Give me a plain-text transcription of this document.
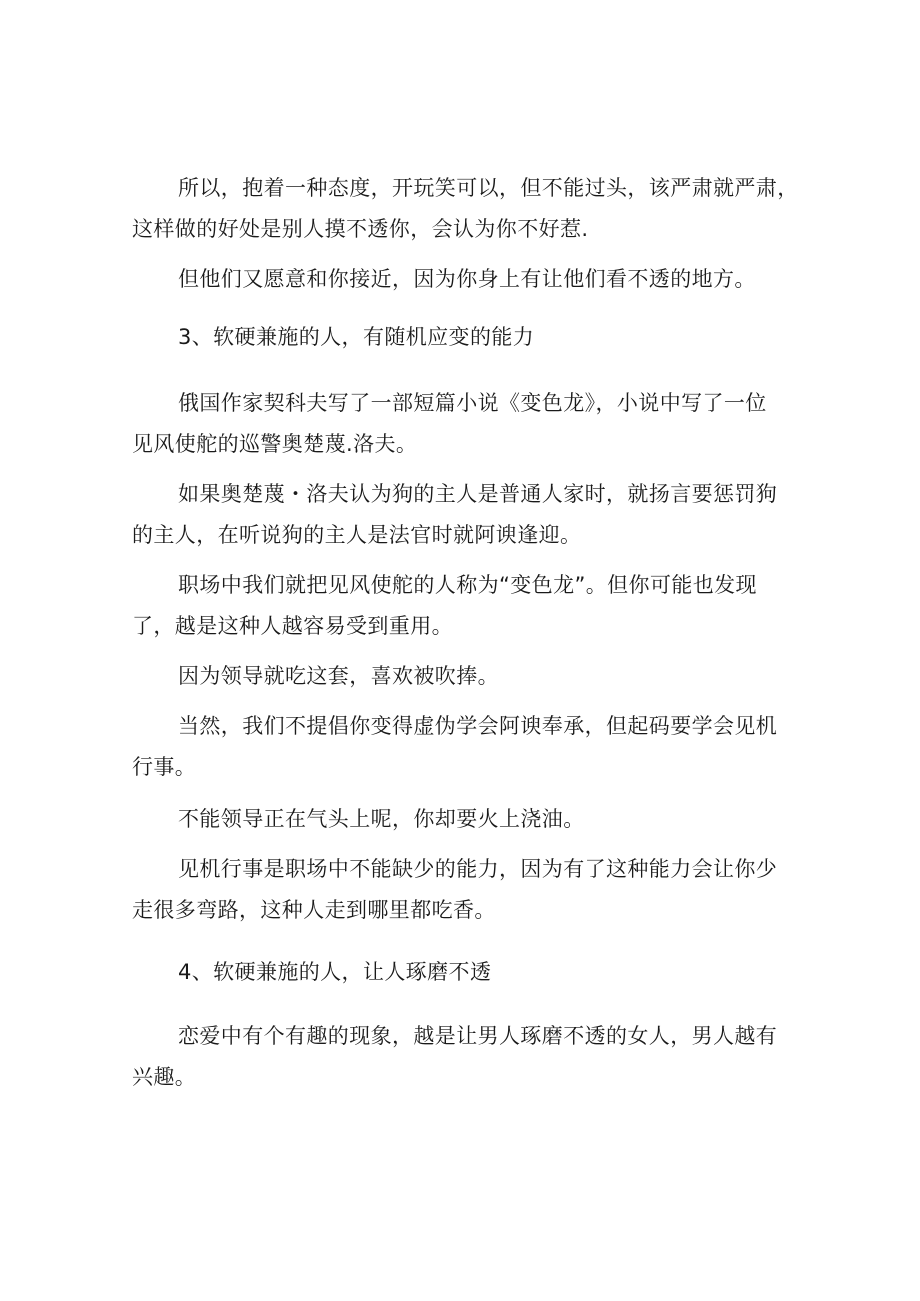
所以，抱着一种态度，开玩笑可以，但不能过头，该严肃就严肃，
这样做的好处是别人摸不透你，会认为你不好惹.

但他们又愿意和你接近，因为你身上有让他们看不透的地方。

3、软硬兼施的人，有随机应变的能力

俄国作家契科夫写了一部短篇小说《变色龙》，小说中写了一位
见风使舵的巡警奥楚蔑.洛夫。

如果奥楚蔑・洛夫认为狗的主人是普通人家时，就扬言要惩罚狗
的主人，在听说狗的主人是法官时就阿谀逢迎。

职场中我们就把见风使舵的人称为“变色龙”。但你可能也发现
了，越是这种人越容易受到重用。

因为领导就吃这套，喜欢被吹捧。

当然，我们不提倡你变得虚伪学会阿谀奉承，但起码要学会见机
行事。

不能领导正在气头上呢，你却要火上浇油。

见机行事是职场中不能缺少的能力，因为有了这种能力会让你少
走很多弯路，这种人走到哪里都吃香。

4、软硬兼施的人，让人琢磨不透

恋爱中有个有趣的现象，越是让男人琢磨不透的女人，男人越有
兴趣。
